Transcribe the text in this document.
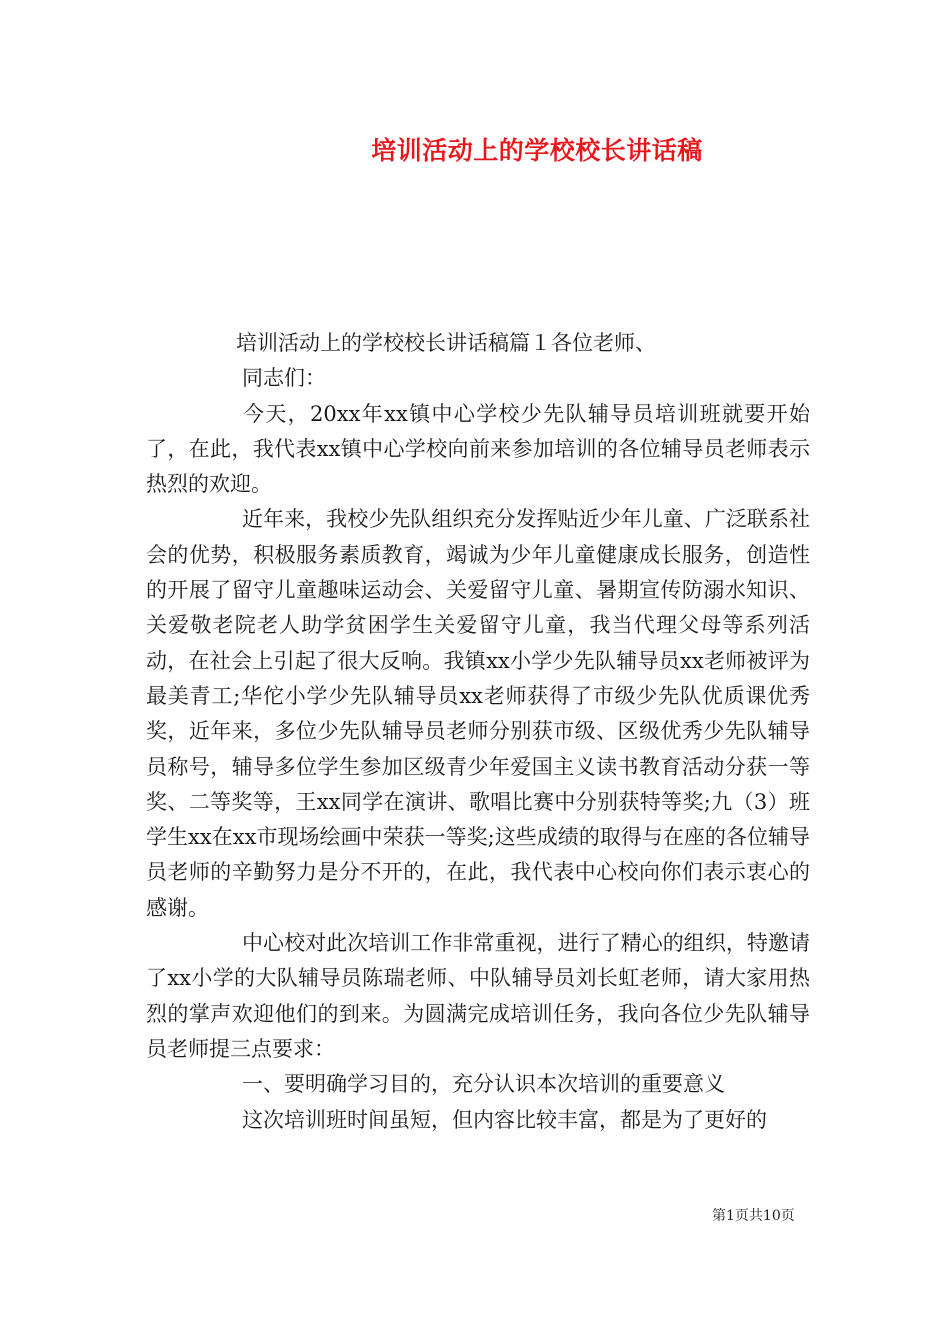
培训活动上的学校校长讲话稿

培训活动上的学校校长讲话稿篇１各位老师、

同志们：

今天，20xx年xx镇中心学校少先队辅导员培训班就要开始了，在此，我代表xx镇中心学校向前来参加培训的各位辅导员老师表示热烈的欢迎。

近年来，我校少先队组织充分发挥贴近少年儿童、广泛联系社会的优势，积极服务素质教育，竭诚为少年儿童健康成长服务，创造性的开展了留守儿童趣味运动会、关爱留守儿童、暑期宣传防溺水知识、关爱敬老院老人助学贫困学生关爱留守儿童，我当代理父母等系列活动，在社会上引起了很大反响。我镇xx小学少先队辅导员xx老师被评为最美青工;华佗小学少先队辅导员xx老师获得了市级少先队优质课优秀奖，近年来，多位少先队辅导员老师分别获市级、区级优秀少先队辅导员称号，辅导多位学生参加区级青少年爱国主义读书教育活动分获一等奖、二等奖等，王xx同学在演讲、歌唱比赛中分别获特等奖;九（3）班学生xx在xx市现场绘画中荣获一等奖;这些成绩的取得与在座的各位辅导员老师的辛勤努力是分不开的，在此，我代表中心校向你们表示衷心的感谢。

中心校对此次培训工作非常重视，进行了精心的组织，特邀请了xx小学的大队辅导员陈瑞老师、中队辅导员刘长虹老师，请大家用热烈的掌声欢迎他们的到来。为圆满完成培训任务，我向各位少先队辅导员老师提三点要求：

一、要明确学习目的，充分认识本次培训的重要意义

这次培训班时间虽短，但内容比较丰富，都是为了更好的

第1页共10页
